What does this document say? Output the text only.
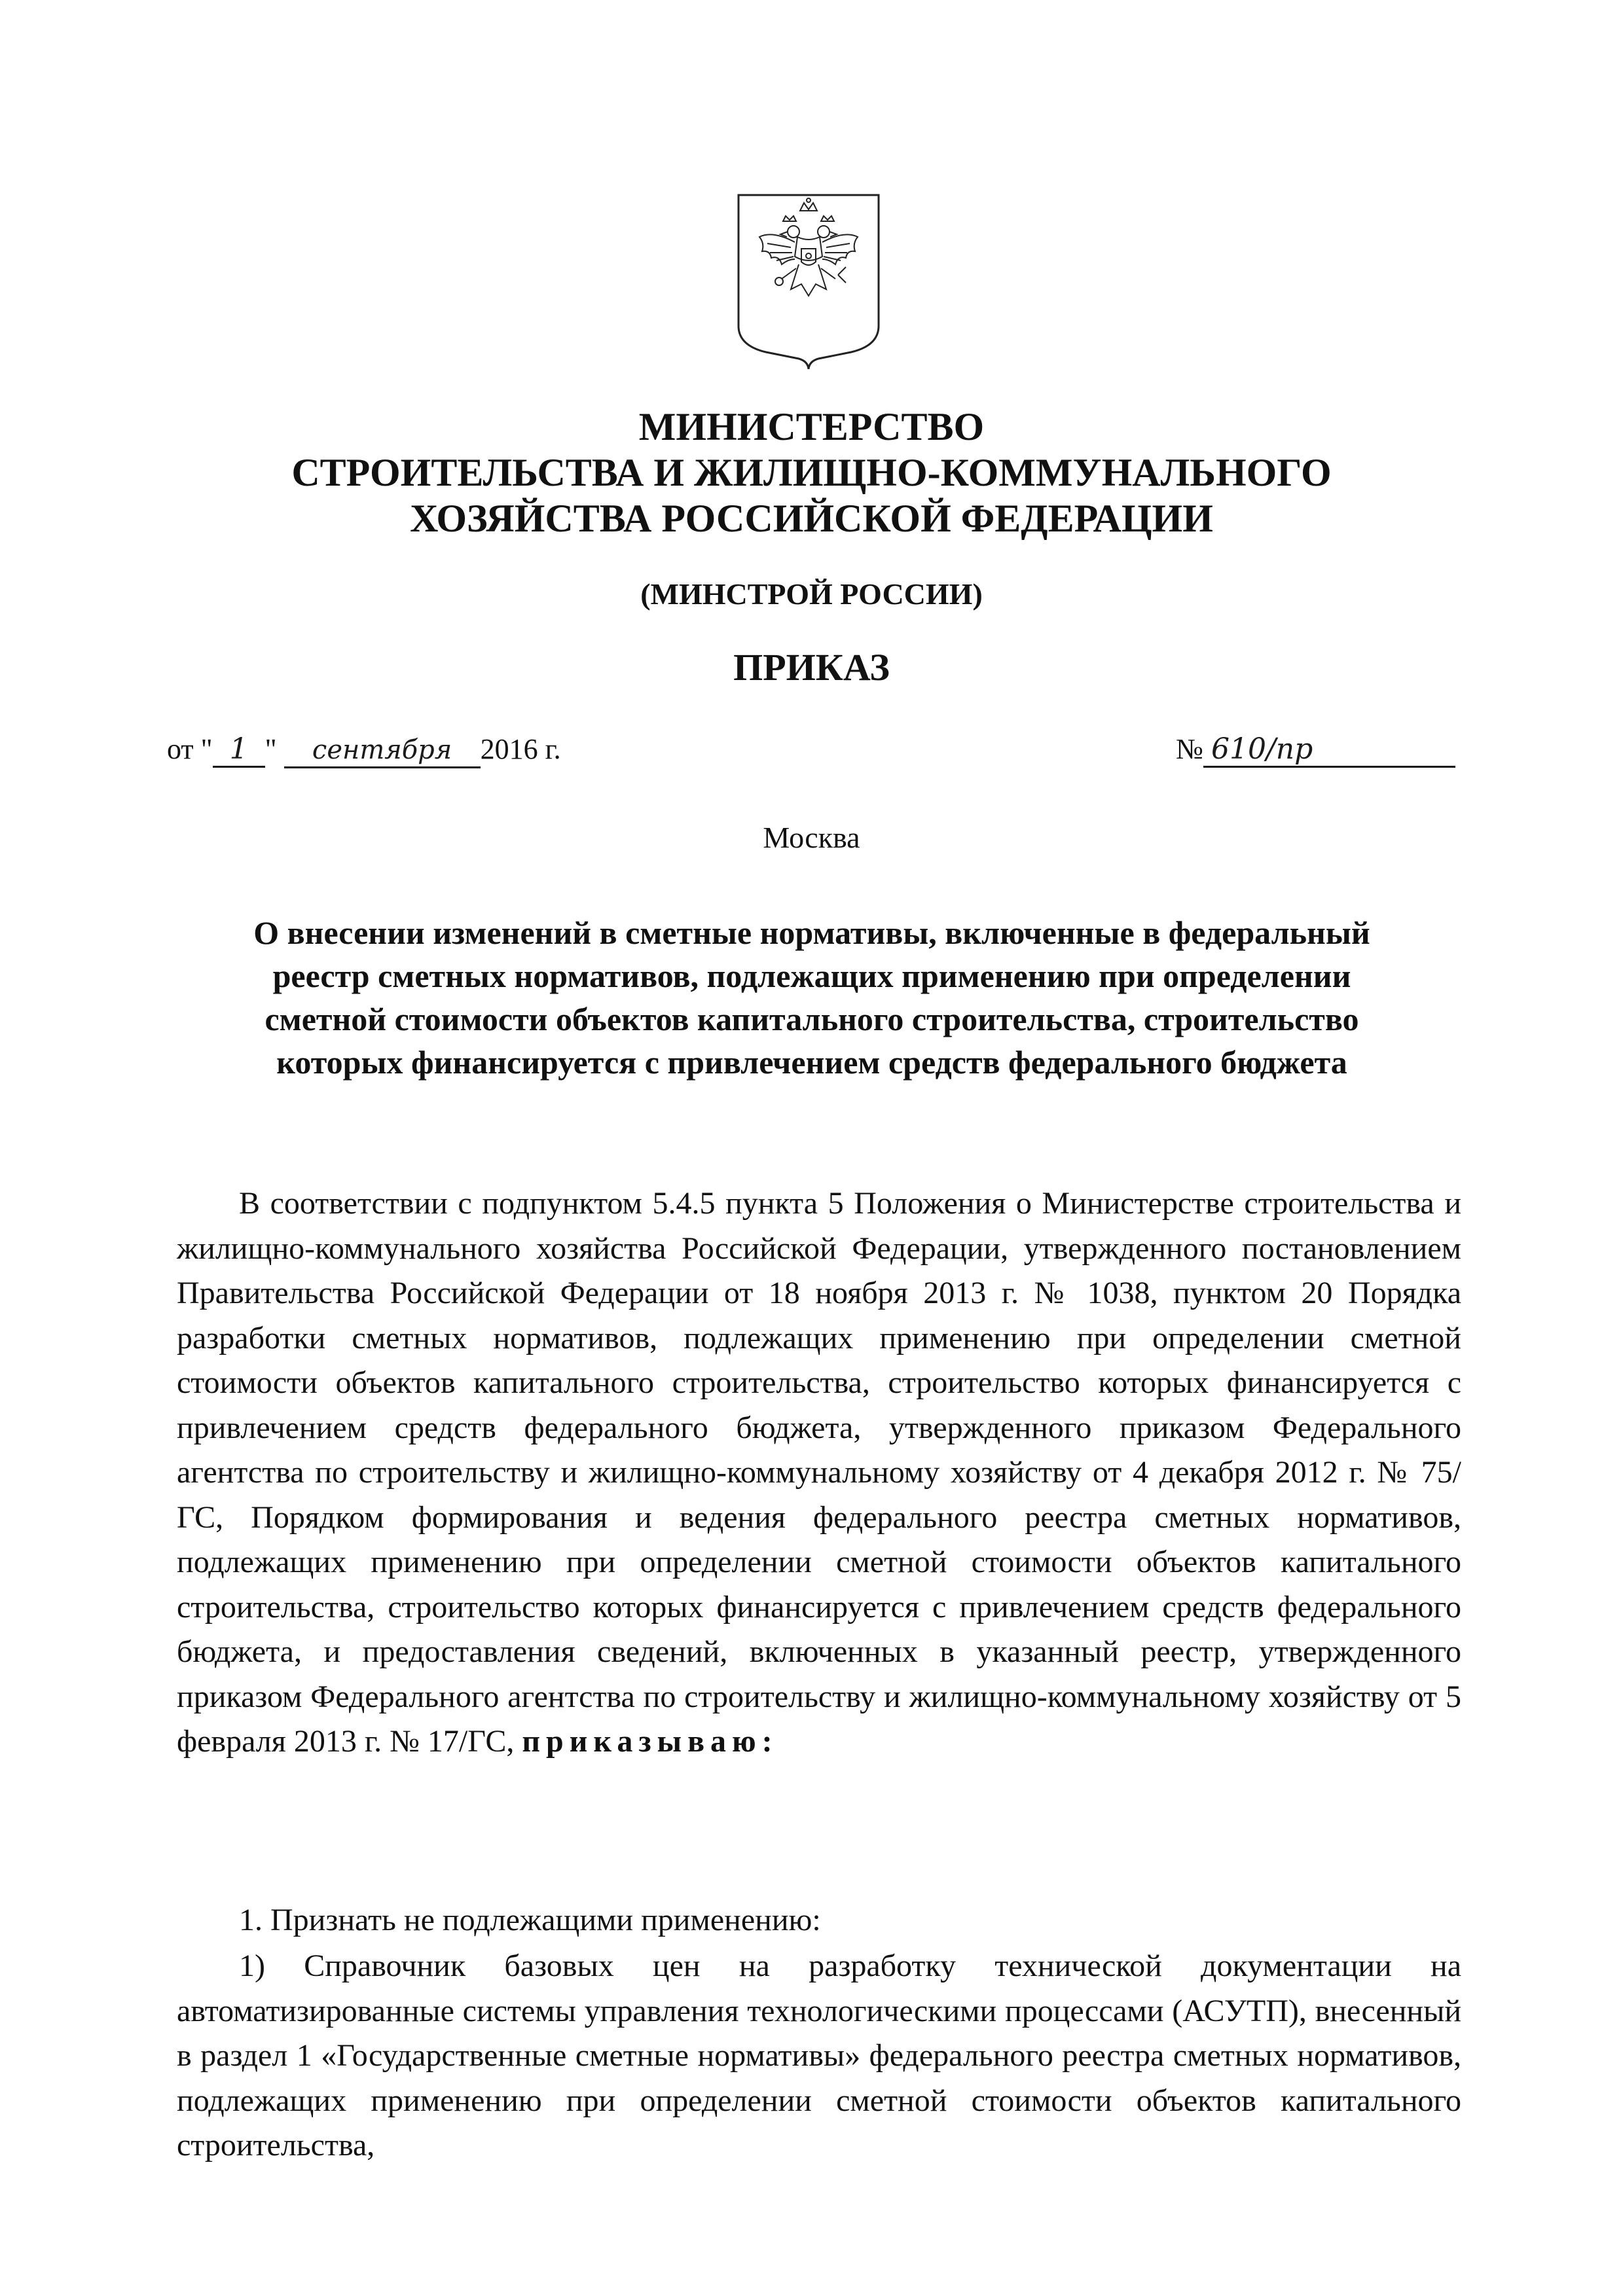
МИНИСТЕРСТВО
СТРОИТЕЛЬСТВА И ЖИЛИЩНО-КОММУНАЛЬНОГО
ХОЗЯЙСТВА РОССИЙСКОЙ ФЕДЕРАЦИИ
(МИНСТРОЙ РОССИИ)
ПРИКАЗ
от " 1 " сентября 2016 г.	№ 610/пр
Москва
О внесении изменений в сметные нормативы, включенные в федеральный
реестр сметных нормативов, подлежащих применению при определении
сметной стоимости объектов капитального строительства, строительство
которых финансируется с привлечением средств федерального бюджета

В соответствии с подпунктом 5.4.5 пункта 5 Положения о Министерстве строительства и жилищно-коммунального хозяйства Российской Федерации, утвержденного постановлением Правительства Российской Федерации от 18 ноября 2013 г. № 1038, пунктом 20 Порядка разработки сметных нормативов, подлежащих применению при определении сметной стоимости объектов капитального строительства, строительство которых финансируется с привлечением средств федерального бюджета, утвержденного приказом Федерального агентства по строительству и жилищно-коммунальному хозяйству от 4 декабря 2012 г. № 75/ГС, Порядком формирования и ведения федерального реестра сметных нормативов, подлежащих применению при определении сметной стоимости объектов капитального строительства, строительство которых финансируется с привлечением средств федерального бюджета, и предоставления сведений, включенных в указанный реестр, утвержденного приказом Федерального агентства по строительству и жилищно-коммунальному хозяйству от 5 февраля 2013 г. № 17/ГС, приказываю:

1. Признать не подлежащими применению:

1) Справочник базовых цен на разработку технической документации на автоматизированные системы управления технологическими процессами (АСУТП), внесенный в раздел 1 «Государственные сметные нормативы» федерального реестра сметных нормативов, подлежащих применению при определении сметной стоимости объектов капитального строительства,
